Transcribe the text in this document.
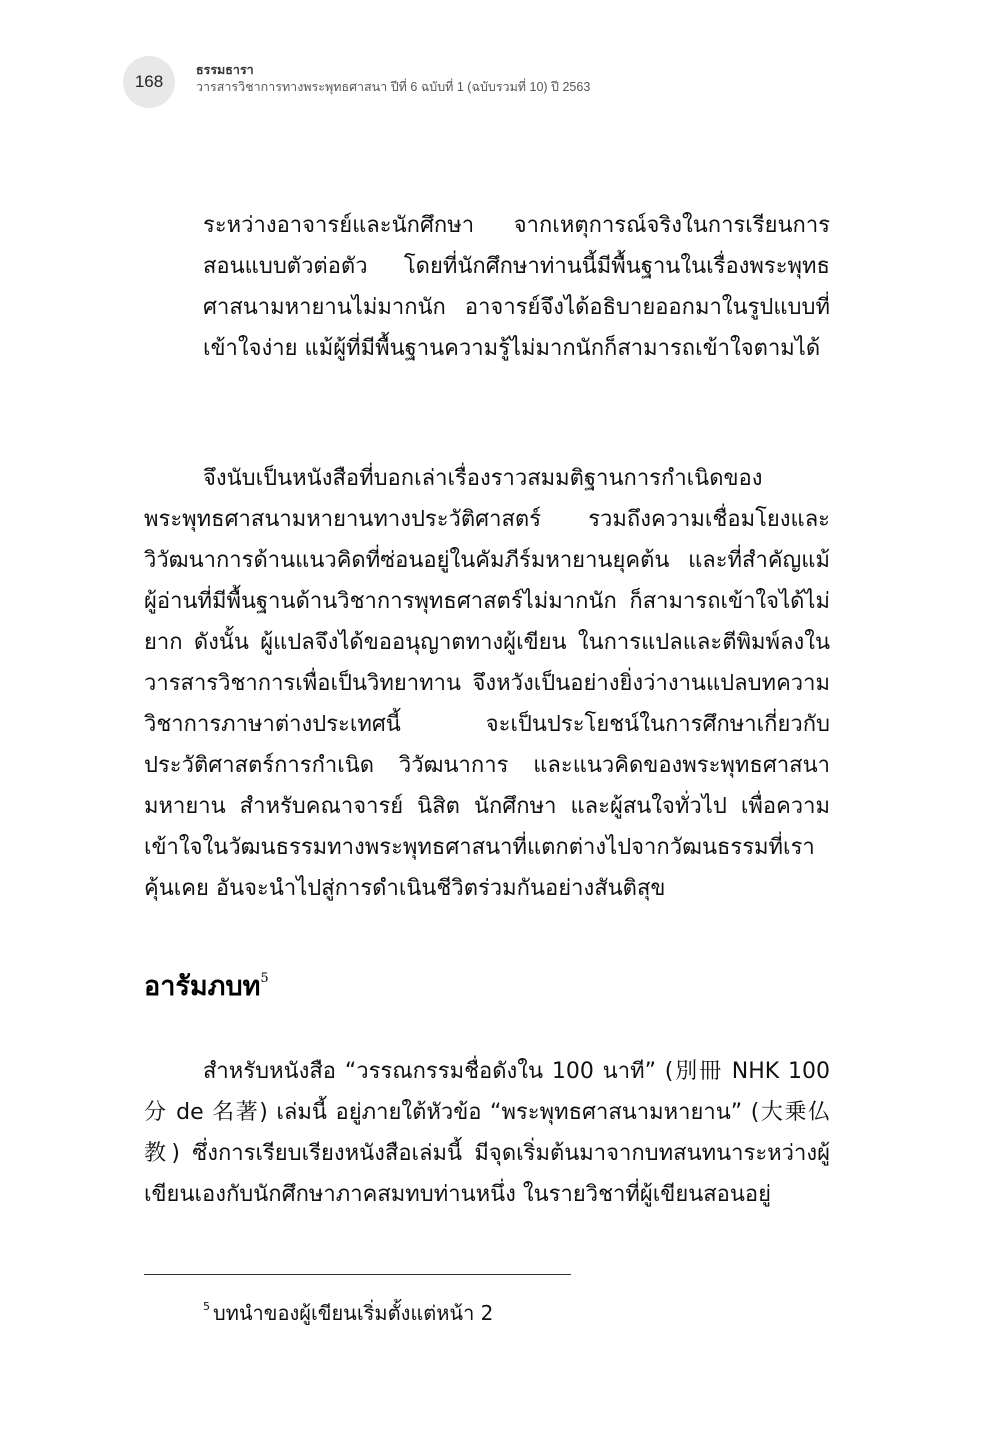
168
ธรรมธารา
วารสารวิชาการทางพระพุทธศาสนา ปีที่ 6 ฉบับที่ 1 (ฉบับรวมที่ 10) ปี 2563

ระหว่างอาจารย์และนักศึกษา จากเหตุการณ์จริงในการเรียนการสอนแบบตัวต่อตัว โดยที่นักศึกษาท่านนี้มีพื้นฐานในเรื่องพระพุทธศาสนามหายานไม่มากนัก อาจารย์จึงได้อธิบายออกมาในรูปแบบที่เข้าใจง่าย แม้ผู้ที่มีพื้นฐานความรู้ไม่มากนักก็สามารถเข้าใจตามได้

จึงนับเป็นหนังสือที่บอกเล่าเรื่องราวสมมติฐานการกำเนิดของพระพุทธศาสนามหายานทางประวัติศาสตร์ รวมถึงความเชื่อมโยงและวิวัฒนาการด้านแนวคิดที่ซ่อนอยู่ในคัมภีร์มหายานยุคต้น และที่สำคัญแม้ผู้อ่านที่มีพื้นฐานด้านวิชาการพุทธศาสตร์ไม่มากนัก ก็สามารถเข้าใจได้ไม่ยาก ดังนั้น ผู้แปลจึงได้ขออนุญาตทางผู้เขียน ในการแปลและตีพิมพ์ลงในวารสารวิชาการเพื่อเป็นวิทยาทาน จึงหวังเป็นอย่างยิ่งว่างานแปลบทความวิชาการภาษาต่างประเทศนี้ จะเป็นประโยชน์ในการศึกษาเกี่ยวกับประวัติศาสตร์การกำเนิด วิวัฒนาการ และแนวคิดของพระพุทธศาสนามหายาน สำหรับคณาจารย์ นิสิต นักศึกษา และผู้สนใจทั่วไป เพื่อความเข้าใจในวัฒนธรรมทางพระพุทธศาสนาที่แตกต่างไปจากวัฒนธรรมที่เราคุ้นเคย อันจะนำไปสู่การดำเนินชีวิตร่วมกันอย่างสันติสุข

อารัมภบท$^5$

สำหรับหนังสือ “วรรณกรรมชื่อดังใน 100 นาที” (別冊 NHK 100 分 de 名著) เล่มนี้ อยู่ภายใต้หัวข้อ “พระพุทธศาสนามหายาน” (大乗仏教) ซึ่งการเรียบเรียงหนังสือเล่มนี้ มีจุดเริ่มต้นมาจากบทสนทนาระหว่างผู้เขียนเองกับนักศึกษาภาคสมทบท่านหนึ่ง ในรายวิชาที่ผู้เขียนสอนอยู่

$^5$ บทนำของผู้เขียนเริ่มตั้งแต่หน้า 2
